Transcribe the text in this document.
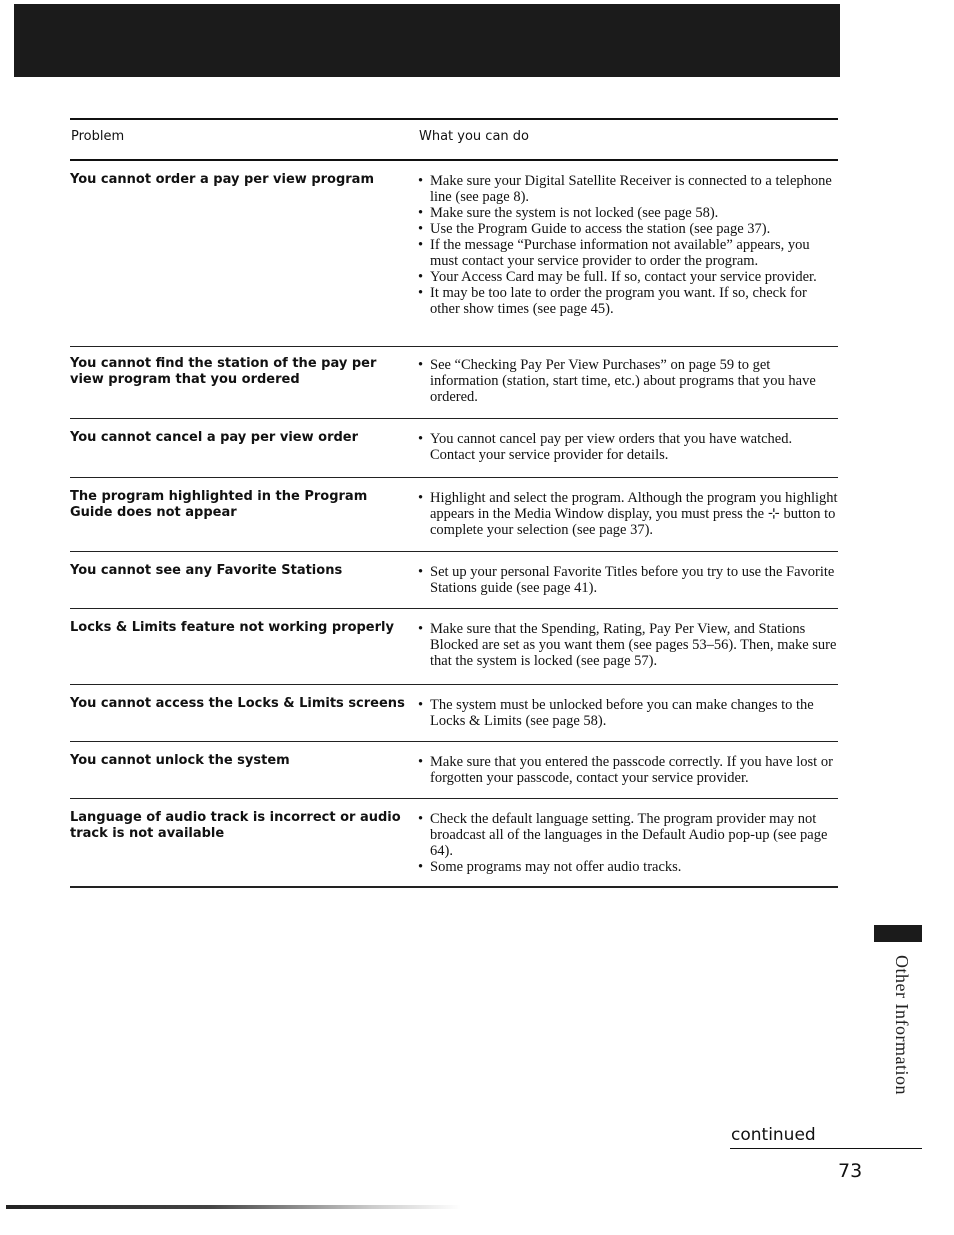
Problem	What you can do
You cannot order a pay per view program	• Make sure your Digital Satellite Receiver is connected to a telephone line (see page 8).
• Make sure the system is not locked (see page 58).
• Use the Program Guide to access the station (see page 37).
• If the message “Purchase information not available” appears, you must contact your service provider to order the program.
• Your Access Card may be full. If so, contact your service provider.
• It may be too late to order the program you want. If so, check for other show times (see page 45).
You cannot find the station of the pay per view program that you ordered
• See “Checking Pay Per View Purchases” on page 59 to get information (station, start time, etc.) about programs that you have ordered.
You cannot cancel a pay per view order	• You cannot cancel pay per view orders that you have watched. Contact your service provider for details.
The program highlighted in the Program Guide does not appear
• Highlight and select the program. Although the program you highlight appears in the Media Window display, you must press the ⊹ button to complete your selection (see page 37).
You cannot see any Favorite Stations	• Set up your personal Favorite Titles before you try to use the Favorite Stations guide (see page 41).
Locks & Limits feature not working properly	• Make sure that the Spending, Rating, Pay Per View, and Stations Blocked are set as you want them (see pages 53–56). Then, make sure that the system is locked (see page 57).
You cannot access the Locks & Limits screens	• The system must be unlocked before you can make changes to the Locks & Limits (see page 58).
You cannot unlock the system	• Make sure that you entered the passcode correctly. If you have lost or forgotten your passcode, contact your service provider.
Language of audio track is incorrect or audio track is not available
• Check the default language setting. The program provider may not broadcast all of the languages in the Default Audio pop-up (see page 64).
• Some programs may not offer audio tracks.
Other Information
continued
73
